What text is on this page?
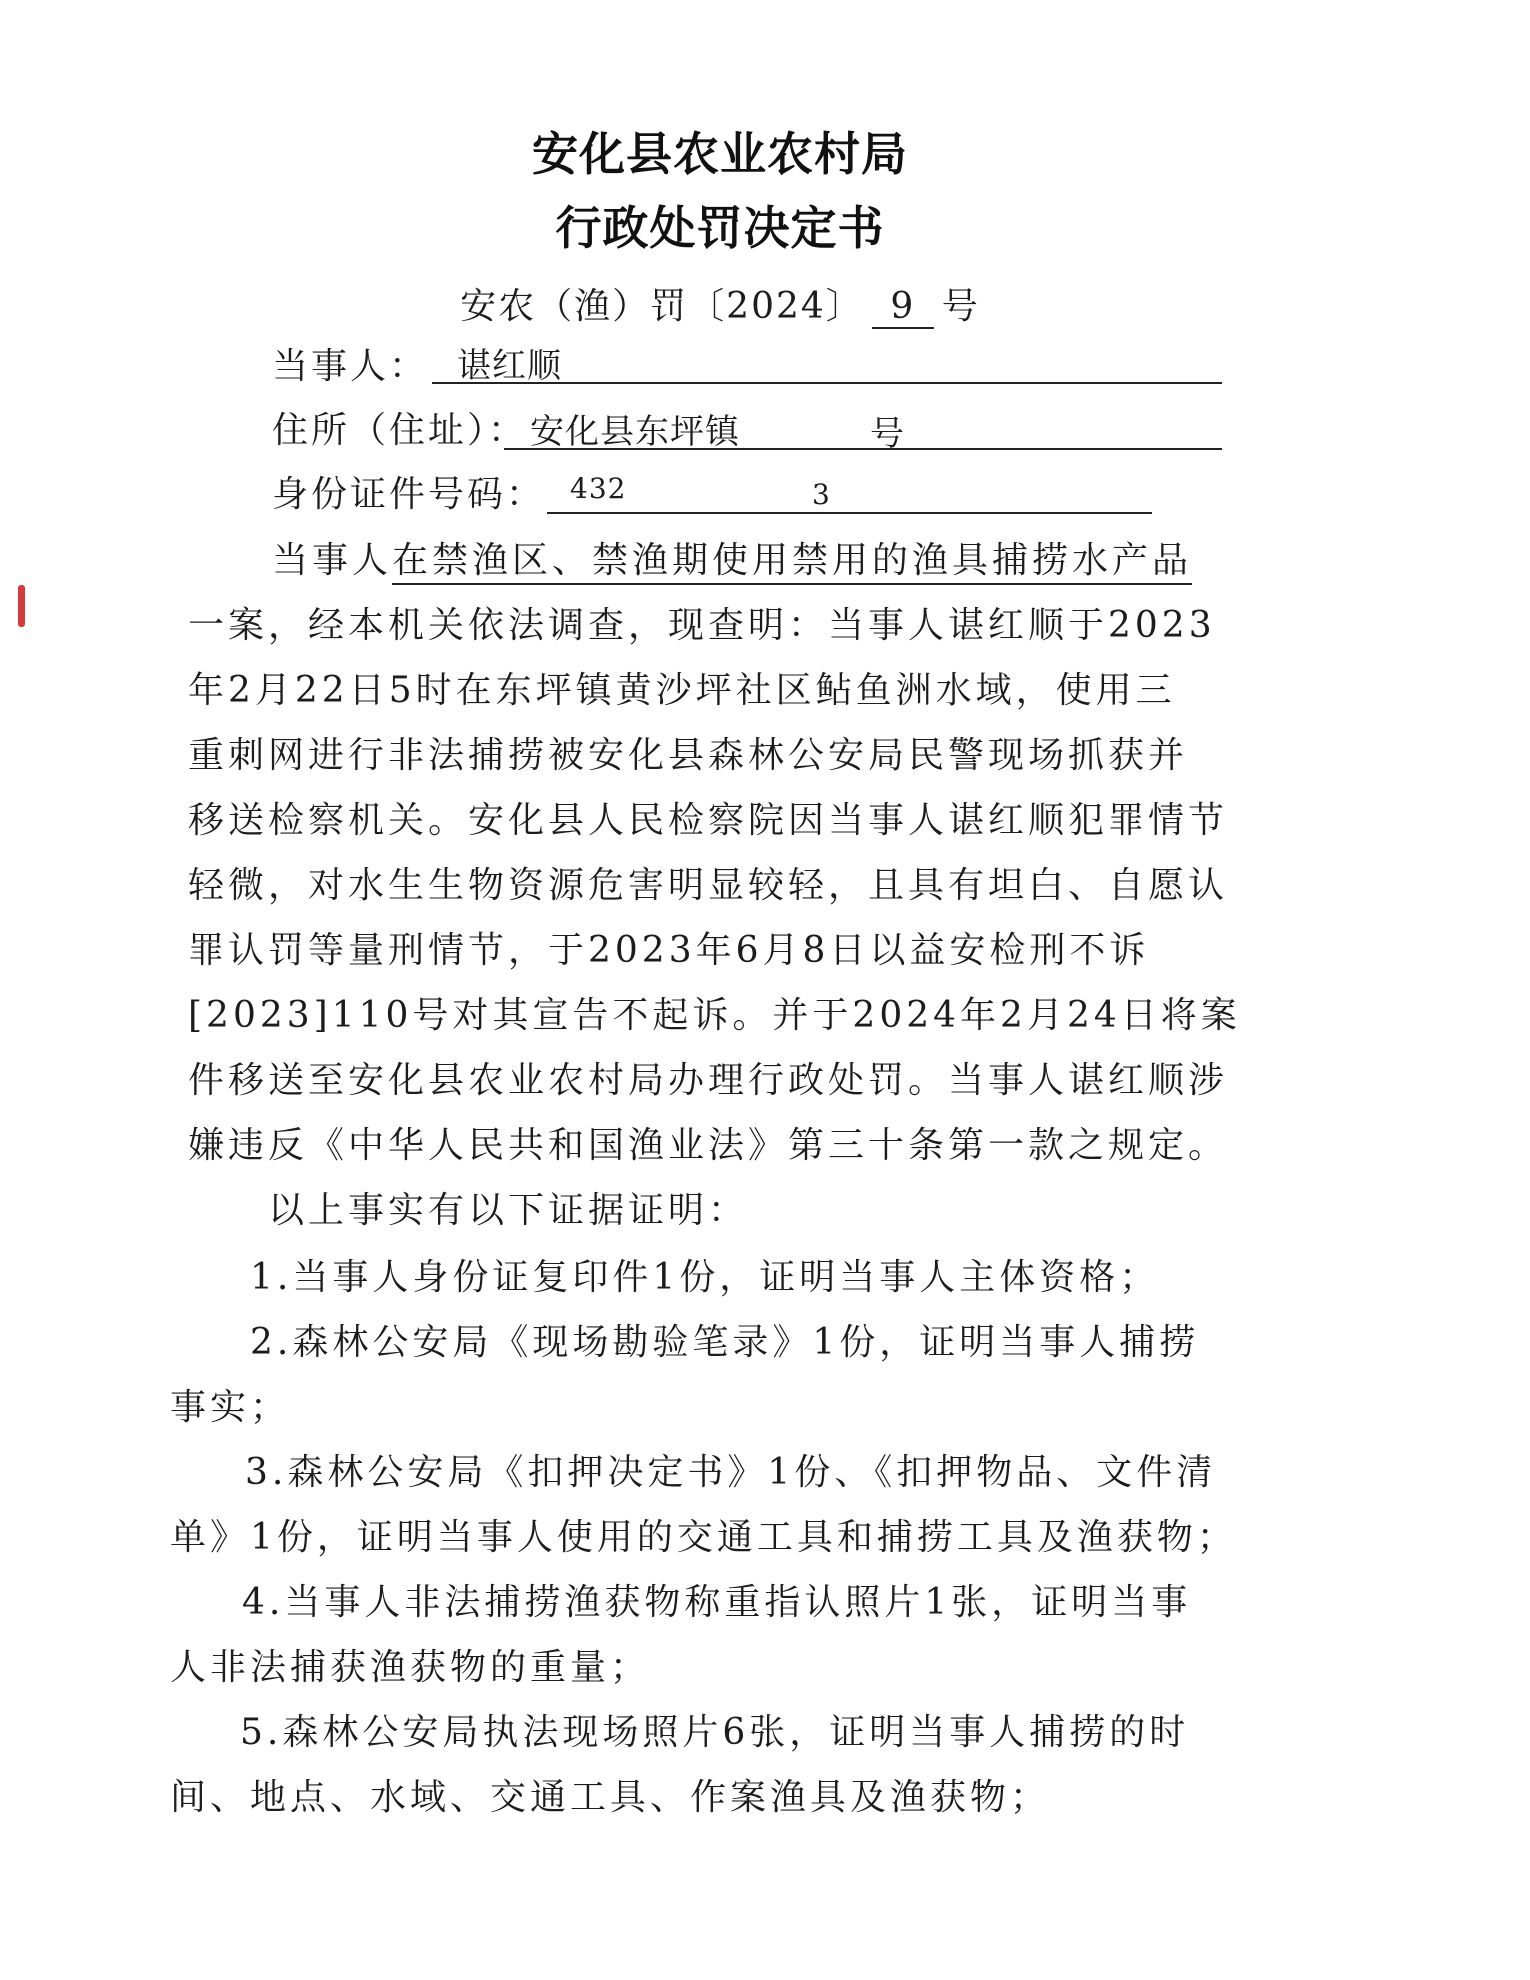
安化县农业农村局
行政处罚决定书
安农（渔）罚〔2024〕 9 号
当事人： 谌红顺
住所（住址）： 安化县东坪镇	号
身份证件号码： 432	3
当事人在禁渔区、禁渔期使用禁用的渔具捕捞水产品
一案，经本机关依法调查，现查明：当事人谌红顺于2023
年2月22日5时在东坪镇黄沙坪社区鲇鱼洲水域，使用三
重刺网进行非法捕捞被安化县森林公安局民警现场抓获并
移送检察机关。安化县人民检察院因当事人谌红顺犯罪情节
轻微，对水生生物资源危害明显较轻，且具有坦白、自愿认
罪认罚等量刑情节，于2023年6月8日以益安检刑不诉
[2023]110号对其宣告不起诉。并于2024年2月24日将案
件移送至安化县农业农村局办理行政处罚。当事人谌红顺涉
嫌违反《中华人民共和国渔业法》第三十条第一款之规定。
以上事实有以下证据证明：
1.当事人身份证复印件1份，证明当事人主体资格；
2.森林公安局《现场勘验笔录》1份，证明当事人捕捞
事实；
3.森林公安局《扣押决定书》1份、《扣押物品、文件清
单》1份，证明当事人使用的交通工具和捕捞工具及渔获物；
4.当事人非法捕捞渔获物称重指认照片1张，证明当事
人非法捕获渔获物的重量；
5.森林公安局执法现场照片6张，证明当事人捕捞的时
间、地点、水域、交通工具、作案渔具及渔获物；
